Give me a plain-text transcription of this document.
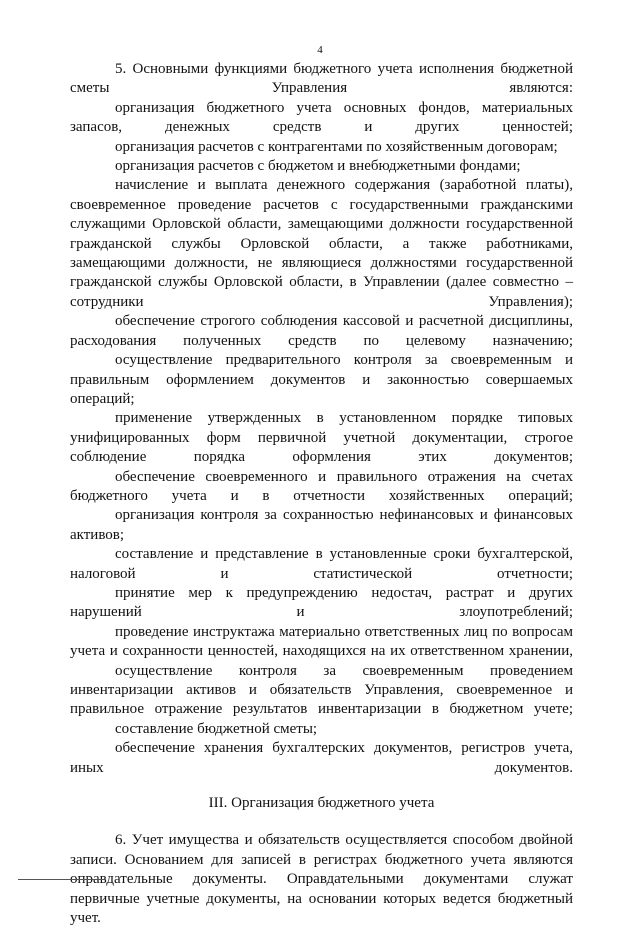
4

5. Основными функциями бюджетного учета исполнения бюджетной сметы Управления являются:

организация бюджетного учета основных фондов, материальных запасов, денежных средств и других ценностей;

организация расчетов с контрагентами по хозяйственным договорам;

организация расчетов с бюджетом и внебюджетными фондами;

начисление и выплата денежного содержания (заработной платы), своевременное проведение расчетов с государственными гражданскими служащими Орловской области, замещающими должности государственной гражданской службы Орловской области, а также работниками, замещающими должности, не являющиеся должностями государственной гражданской службы Орловской области, в Управлении (далее совместно – сотрудники Управления);

обеспечение строгого соблюдения кассовой и расчетной дисциплины, расходования полученных средств по целевому назначению;

осуществление предварительного контроля за своевременным и правильным оформлением документов и законностью совершаемых операций;

применение утвержденных в установленном порядке типовых унифицированных форм первичной учетной документации, строгое соблюдение порядка оформления этих документов;

обеспечение своевременного и правильного отражения на счетах бюджетного учета и в отчетности хозяйственных операций;

организация контроля за сохранностью нефинансовых и финансовых активов;

составление и представление в установленные сроки бухгалтерской, налоговой и статистической отчетности;

принятие мер к предупреждению недостач, растрат и других нарушений и злоупотреблений;

проведение инструктажа материально ответственных лиц по вопросам учета и сохранности ценностей, находящихся на их ответственном хранении,

осуществление контроля за своевременным проведением инвентаризации активов и обязательств Управления, своевременное и правильное отражение результатов инвентаризации в бюджетном учете;

составление бюджетной сметы;

обеспечение хранения бухгалтерских документов, регистров учета, иных документов.

III. Организация бюджетного учета

6. Учет имущества и обязательств осуществляется способом двойной записи. Основанием для записей в регистрах бюджетного учета являются оправдательные документы. Оправдательными документами служат первичные учетные документы, на основании которых ведется бюджетный учет.
